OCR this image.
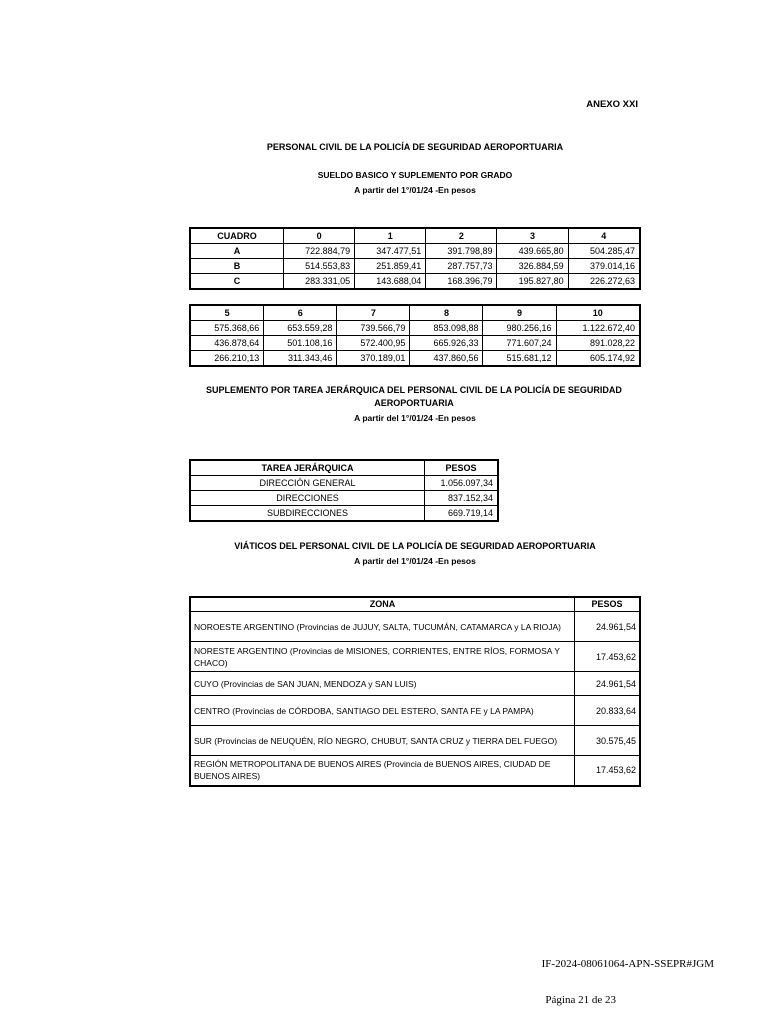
ANEXO XXI
PERSONAL CIVIL DE LA POLICÍA DE SEGURIDAD AEROPORTUARIA
SUELDO BASICO Y SUPLEMENTO POR GRADO
A partir del 1°/01/24 -En pesos
CUADRO	0	1	2	3	4
A	722.884,79	347.477,51	391.798,89	439.665,80	504.285,47
B	514.553,83	251.859,41	287.757,73	326.884,59	379.014,16
C	283.331,05	143.688,04	168.396,79	195.827,80	226.272,63
5	6	7	8	9	10
575.368,66	653.559,28	739.566,79	853.098,88	980.256,16	1.122.672,40
436.878,64	501.108,16	572.400,95	665.926,33	771.607,24	891.028,22
266.210,13	311.343,46	370.189,01	437.860,56	515.681,12	605.174,92
SUPLEMENTO POR TAREA JERÁRQUICA DEL PERSONAL CIVIL DE LA POLICÍA DE SEGURIDAD AEROPORTUARIA
A partir del 1°/01/24 -En pesos
TAREA JERÁRQUICA	PESOS
DIRECCIÓN GENERAL	1.056.097,34
DIRECCIONES	837.152,34
SUBDIRECCIONES	669.719,14
VIÁTICOS DEL PERSONAL CIVIL DE LA POLICÍA DE SEGURIDAD AEROPORTUARIA
A partir del 1°/01/24 -En pesos
ZONA	PESOS
NOROESTE ARGENTINO (Provincias de JUJUY, SALTA, TUCUMÁN, CATAMARCA y LA RIOJA)	24.961,54
NORESTE ARGENTINO (Provincias de MISIONES, CORRIENTES, ENTRE RÍOS, FORMOSA Y CHACO)	17.453,62
CUYO (Provincias de SAN JUAN, MENDOZA y SAN LUIS)	24.961,54
CENTRO (Provincias de CÓRDOBA, SANTIAGO DEL ESTERO, SANTA FE y LA PAMPA)	20.833,64
SUR (Provincias de NEUQUÉN, RÍO NEGRO, CHUBUT, SANTA CRUZ y TIERRA DEL FUEGO)	30.575,45
REGIÓN METROPOLITANA DE BUENOS AIRES (Provincia de BUENOS AIRES, CIUDAD DE BUENOS AIRES)	17.453,62
IF-2024-08061064-APN-SSEPR#JGM
Página 21 de 23
